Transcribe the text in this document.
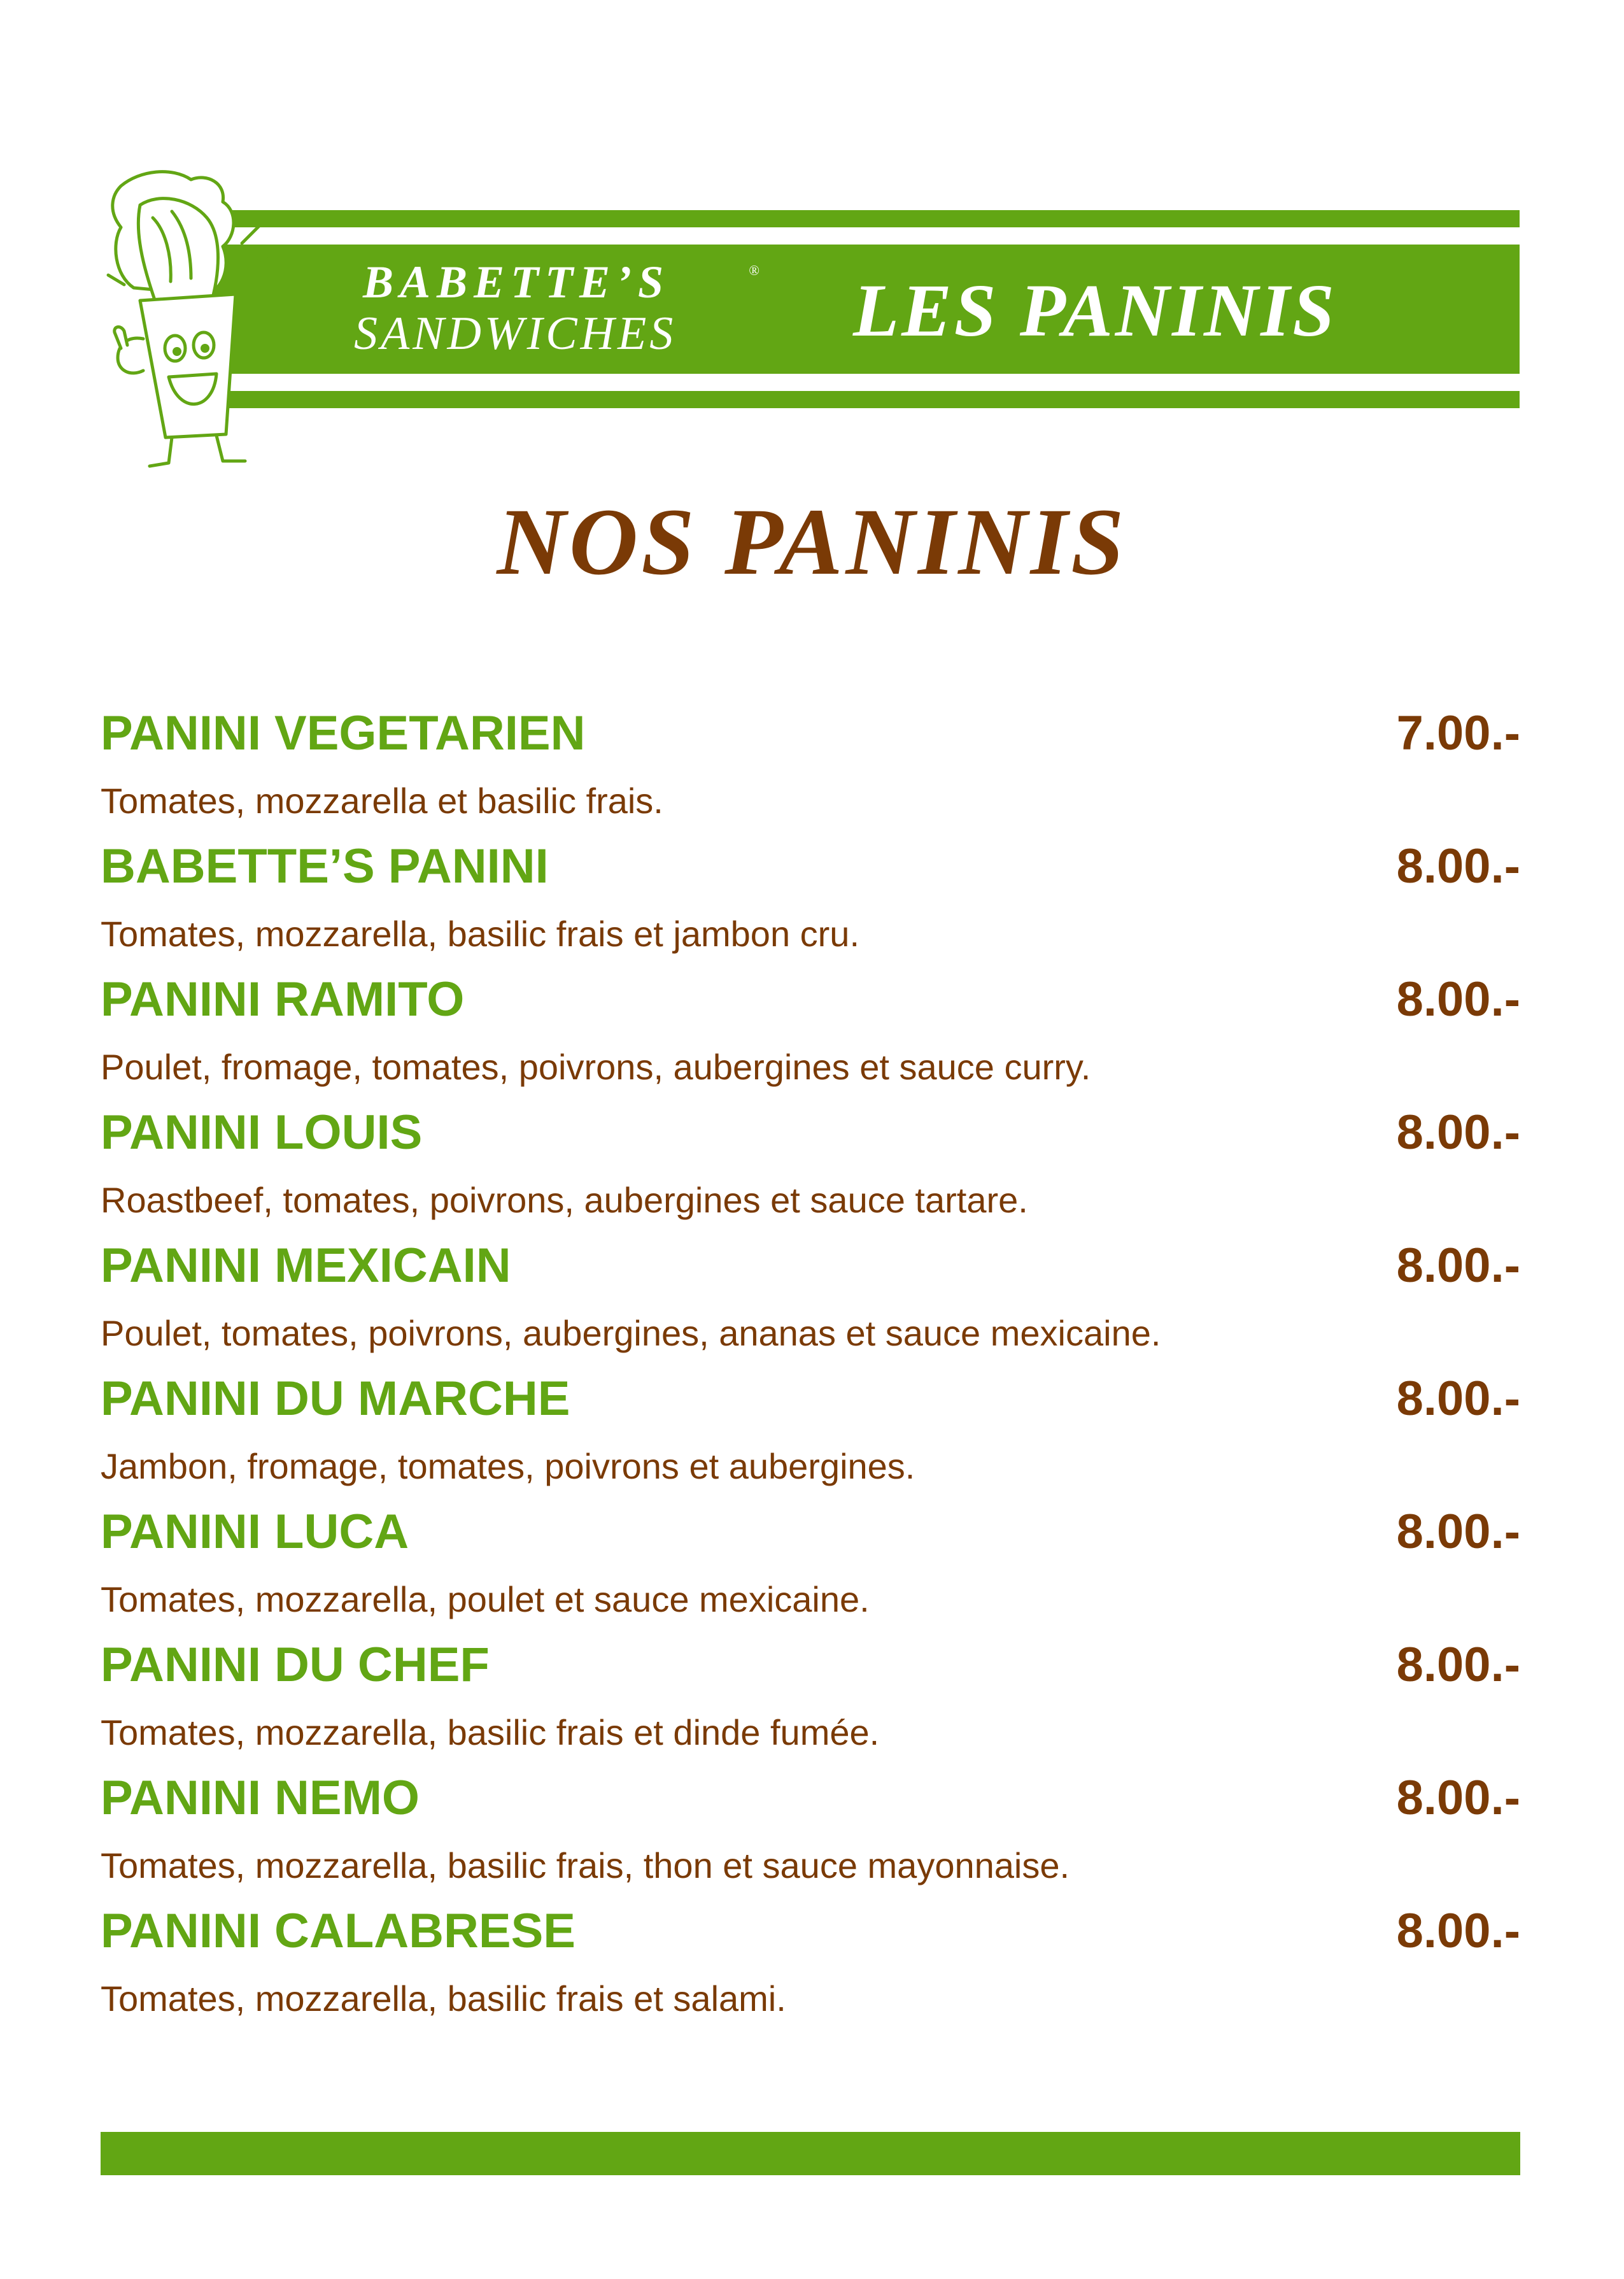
BABETTE’S	®
SANDWICHES LES PANINIS
NOS PANINIS
PANINI VEGETARIEN	7.00.-
Tomates, mozzarella et basilic frais.
BABETTE’S PANINI	8.00.-
Tomates, mozzarella, basilic frais et jambon cru.
PANINI RAMITO	8.00.-
Poulet, fromage, tomates, poivrons, aubergines et sauce curry.
PANINI LOUIS	8.00.-
Roastbeef, tomates, poivrons, aubergines et sauce tartare.
PANINI MEXICAIN	8.00.-
Poulet, tomates, poivrons, aubergines, ananas et sauce mexicaine.
PANINI DU MARCHE	8.00.-
Jambon, fromage, tomates, poivrons et aubergines.
PANINI LUCA	8.00.-
Tomates, mozzarella, poulet et sauce mexicaine.
PANINI DU CHEF	8.00.-
Tomates, mozzarella, basilic frais et dinde fumée.
PANINI NEMO	8.00.-
Tomates, mozzarella, basilic frais, thon et sauce mayonnaise.
PANINI CALABRESE	8.00.-
Tomates, mozzarella, basilic frais et salami.
